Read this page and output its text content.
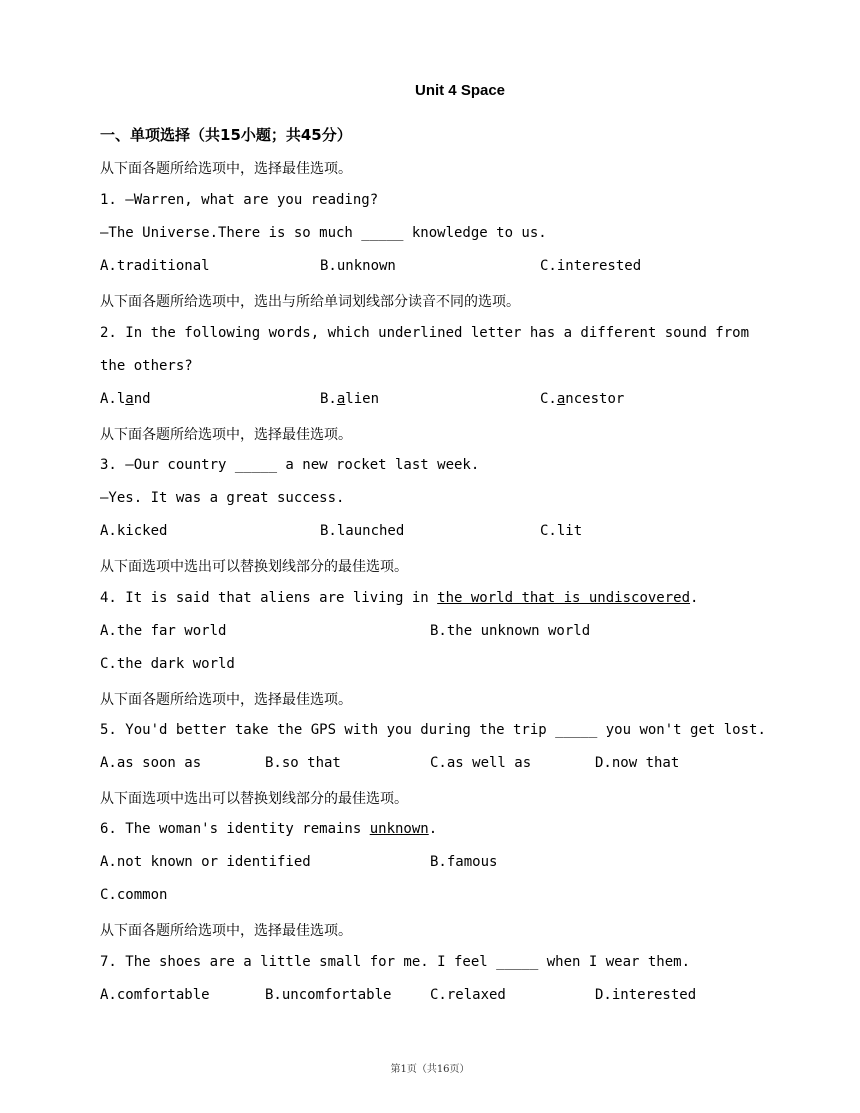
Unit 4 Space
一、单项选择（共15小题；共45分）
从下面各题所给选项中，选择最佳选项。
1. —Warren, what are you reading?
—The Universe.There is so much _____ knowledge to us.
A.traditional	B.unknown	C.interested
从下面各题所给选项中，选出与所给单词划线部分读音不同的选项。
2. In the following words, which underlined letter has a different sound from
the others?
A.land	B.alien	C.ancestor
从下面各题所给选项中，选择最佳选项。
3. —Our country _____ a new rocket last week.
—Yes. It was a great success.
A.kicked	B.launched	C.lit
从下面选项中选出可以替换划线部分的最佳选项。
4. It is said that aliens are living in the world that is undiscovered.
A.the far world	B.the unknown world
C.the dark world
从下面各题所给选项中，选择最佳选项。
5. You'd better take the GPS with you during the trip _____ you won't get lost.
A.as soon as	B.so that	C.as well as	D.now that
从下面选项中选出可以替换划线部分的最佳选项。
6. The woman's identity remains unknown.
A.not known or identified	B.famous
C.common
从下面各题所给选项中，选择最佳选项。
7. The shoes are a little small for me. I feel _____ when I wear them.
A.comfortable	B.uncomfortable	C.relaxed	D.interested
第1页（共16页）
